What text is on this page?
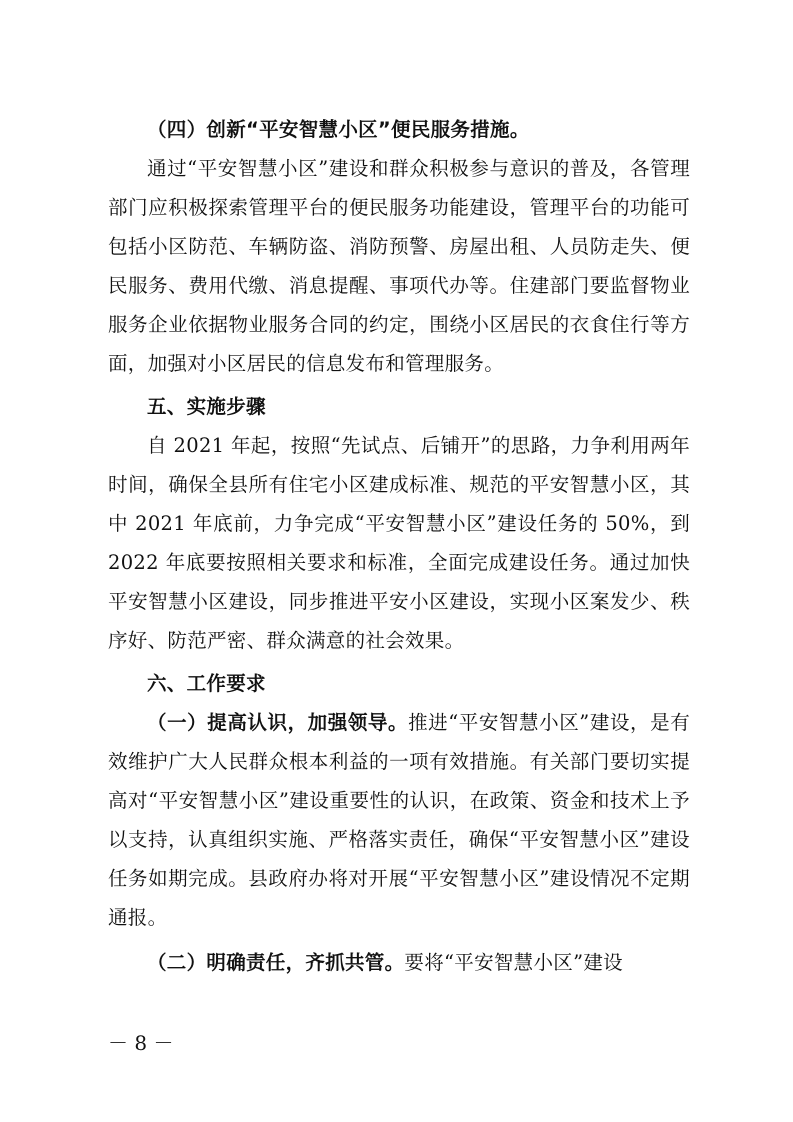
（四）创新“平安智慧小区”便民服务措施。

通过“平安智慧小区”建设和群众积极参与意识的普及，各管理部门应积极探索管理平台的便民服务功能建设，管理平台的功能可包括小区防范、车辆防盗、消防预警、房屋出租、人员防走失、便民服务、费用代缴、消息提醒、事项代办等。住建部门要监督物业服务企业依据物业服务合同的约定，围绕小区居民的衣食住行等方面，加强对小区居民的信息发布和管理服务。

五、实施步骤

自 2021 年起，按照“先试点、后铺开”的思路，力争利用两年时间，确保全县所有住宅小区建成标准、规范的平安智慧小区，其中 2021 年底前，力争完成“平安智慧小区”建设任务的 50%，到 2022 年底要按照相关要求和标准，全面完成建设任务。通过加快平安智慧小区建设，同步推进平安小区建设，实现小区案发少、秩序好、防范严密、群众满意的社会效果。

六、工作要求

（一）提高认识，加强领导。推进“平安智慧小区”建设，是有效维护广大人民群众根本利益的一项有效措施。有关部门要切实提高对“平安智慧小区”建设重要性的认识，在政策、资金和技术上予以支持，认真组织实施、严格落实责任，确保“平安智慧小区”建设任务如期完成。县政府办将对开展“平安智慧小区”建设情况不定期通报。

（二）明确责任，齐抓共管。要将“平安智慧小区”建设

－ 8 －
